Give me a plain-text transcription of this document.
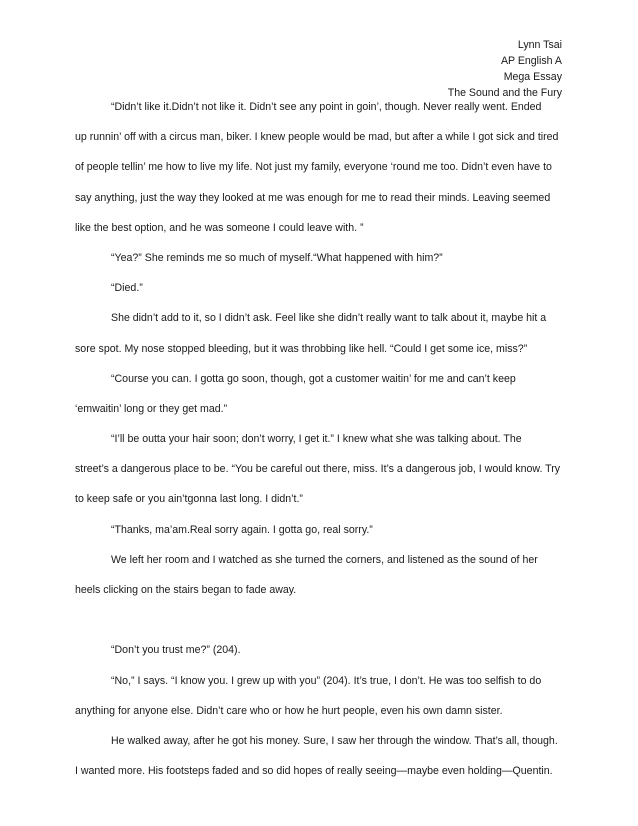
Lynn Tsai
AP English A
Mega Essay
The Sound and the Fury
“Didn’t like it.Didn’t not like it. Didn’t see any point in goin’, though. Never really went. Ended
up runnin’ off with a circus man, biker. I knew people would be mad, but after a while I got sick and tired
of people tellin’ me how to live my life. Not just my family, everyone ‘round me too. Didn’t even have to
say anything, just the way they looked at me was enough for me to read their minds. Leaving seemed
like the best option, and he was someone I could leave with. ”
“Yea?” She reminds me so much of myself.“What happened with him?”
“Died.”
She didn’t add to it, so I didn’t ask. Feel like she didn’t really want to talk about it, maybe hit a
sore spot. My nose stopped bleeding, but it was throbbing like hell. “Could I get some ice, miss?”
“Course you can. I gotta go soon, though, got a customer waitin’ for me and can’t keep
‘emwaitin’ long or they get mad.”
“I’ll be outta your hair soon; don’t worry, I get it.” I knew what she was talking about. The
street’s a dangerous place to be. “You be careful out there, miss. It’s a dangerous job, I would know. Try
to keep safe or you ain’tgonna last long. I didn’t.”
“Thanks, ma’am.Real sorry again. I gotta go, real sorry.”
We left her room and I watched as she turned the corners, and listened as the sound of her
heels clicking on the stairs began to fade away.
“Don’t you trust me?” (204).
“No,” I says. “I know you. I grew up with you” (204). It’s true, I don’t. He was too selfish to do
anything for anyone else. Didn’t care who or how he hurt people, even his own damn sister.
He walked away, after he got his money. Sure, I saw her through the window. That’s all, though.
I wanted more. His footsteps faded and so did hopes of really seeing—maybe even holding—Quentin.
